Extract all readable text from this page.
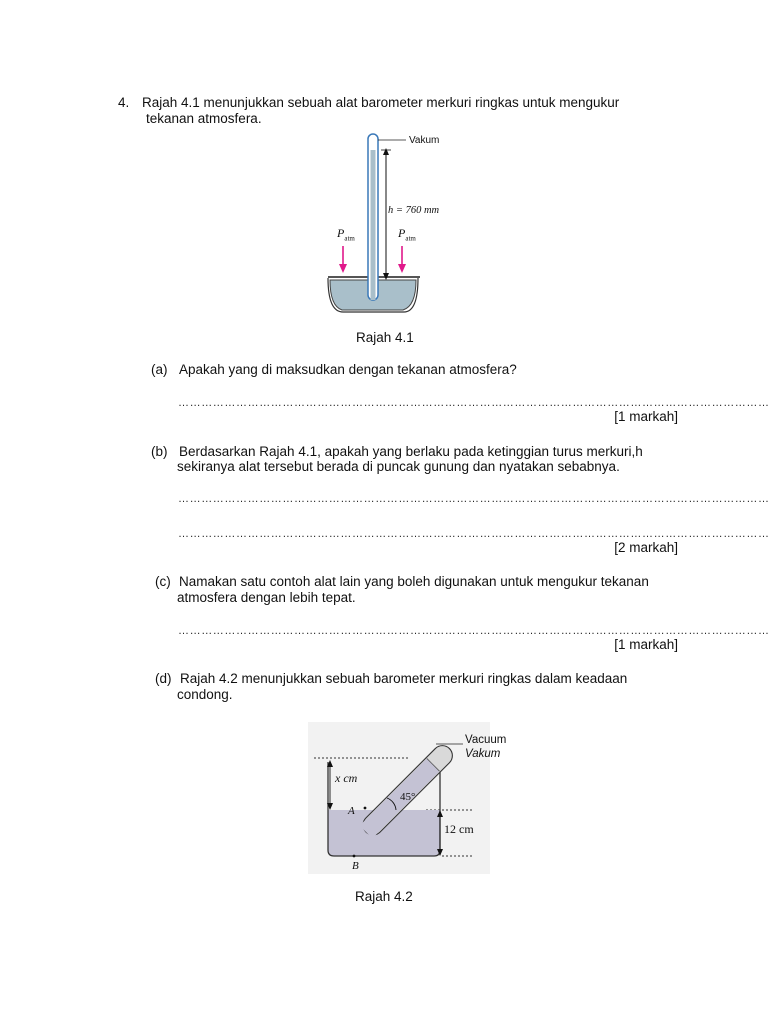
4. Rajah 4.1 menunjukkan sebuah alat barometer merkuri ringkas untuk mengukur
tekanan atmosfera.
Vakum
h = 760 mm
$P_{atm}$	$P_{atm}$
Rajah 4.1
(a) Apakah yang di maksudkan dengan tekanan atmosfera?
………………………………………………………………………………………………………………………………………
[1 markah]
(b) Berdasarkan Rajah 4.1, apakah yang berlaku pada ketinggian turus merkuri,h
sekiranya alat tersebut berada di puncak gunung dan nyatakan sebabnya.
………………………………………………………………………………………………………………………………………
………………………………………………………………………………………………………………………………………
[2 markah]
(c) Namakan satu contoh alat lain yang boleh digunakan untuk mengukur tekanan
atmosfera dengan lebih tepat.
………………………………………………………………………………………………………………………………………
[1 markah]
(d) Rajah 4.2 menunjukkan sebuah barometer merkuri ringkas dalam keadaan
condong.
Vacuum
Vakum
x cm
45°
A
12 cm
B
Rajah 4.2
